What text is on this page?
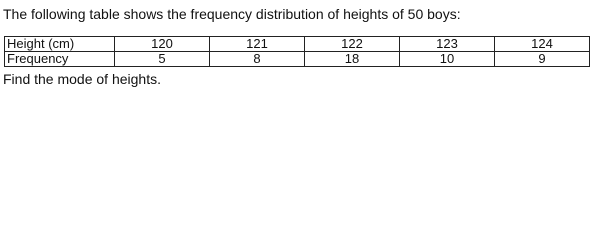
The following table shows the frequency distribution of heights of 50 boys:

Height (cm)	120	121	122	123	124
Frequency	5	8	18	10	9

Find the mode of heights.
